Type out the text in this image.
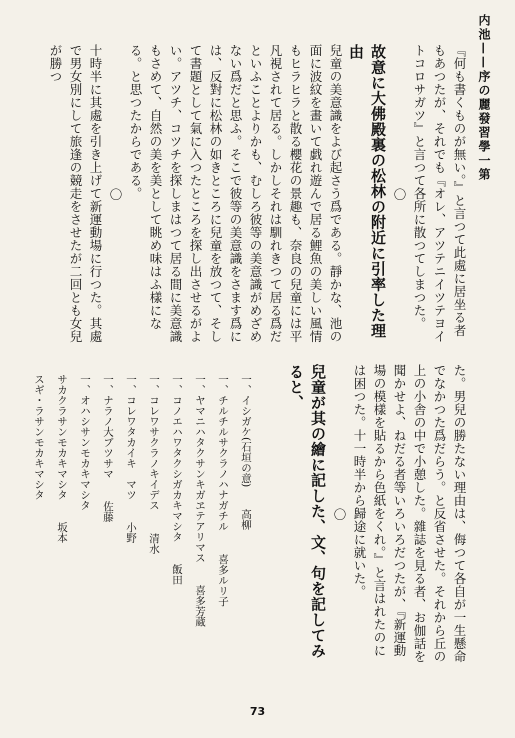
内池——序の麗發習學一第

『何も書くものが無い。』と言つて此處に居坐る者もあつたが、それでも『オレ、アツテニイツテヨイトコロサガツ』と言つて各所に散つてしまつた。

〇

故意に大佛殿裏の松林の附近に引率した理由

兒童の美意識をよび起さう爲である。靜かな、池の面に波紋を畫いて戯れ遊んで居る鯉魚の美しい風情もヒラヒラと散る櫻花の景趣も、奈良の兒童には平凡視されて居る。しかしそれは馴れきつて居る爲だといふことよりかも、むしろ彼等の美意識がめざめない爲だと思ふ。そこで彼等の美意識をさます爲には、反對に松林の如きところに兒童を放つて、そして書題として氣に入つたところを探し出させるがよい。アツチ、コツチを探しまはつて居る間に美意識もさめて、自然の美を美として眺め味はふ樣になる。と思つたからである。

〇

十時半に其處を引き上げて新運動場に行つた。其處で男女別にして旅逢の競走をさせたが二回とも女兒が勝つ

た。男兒の勝たない理由は、侮つて各自が一生懸命でなかつた爲だらう。と反省させた。それから丘の上の小舎の中で小憩した。雜誌を見る者、お伽話を聞かせよ、ねだる者等いろいろだつたが、『新運動場の模樣を貼るから色紙をくれ。』と言はれたのには困つた。十一時半から歸途に就いた。

〇

兒童が其の繪に記した、文、句を記してみると、

一、イシガケ(石垣の意)高柳

一、チルチルサクラノハナガチル喜多ルリ子

一、ヤマニハタクサンキガヱテアリマス喜多芳蔵

一、コノエハワタクシガカキマシタ飯田

一、コレワサクラノキイデス清水

一、コレワタカイキ　マツ小野

一、ナラノ大ブツサマ佐藤

一、オハシサンモカキマシタ

サカクラサンモカキマシタ坂本

スギ・ラサンモカキマシタ

73
